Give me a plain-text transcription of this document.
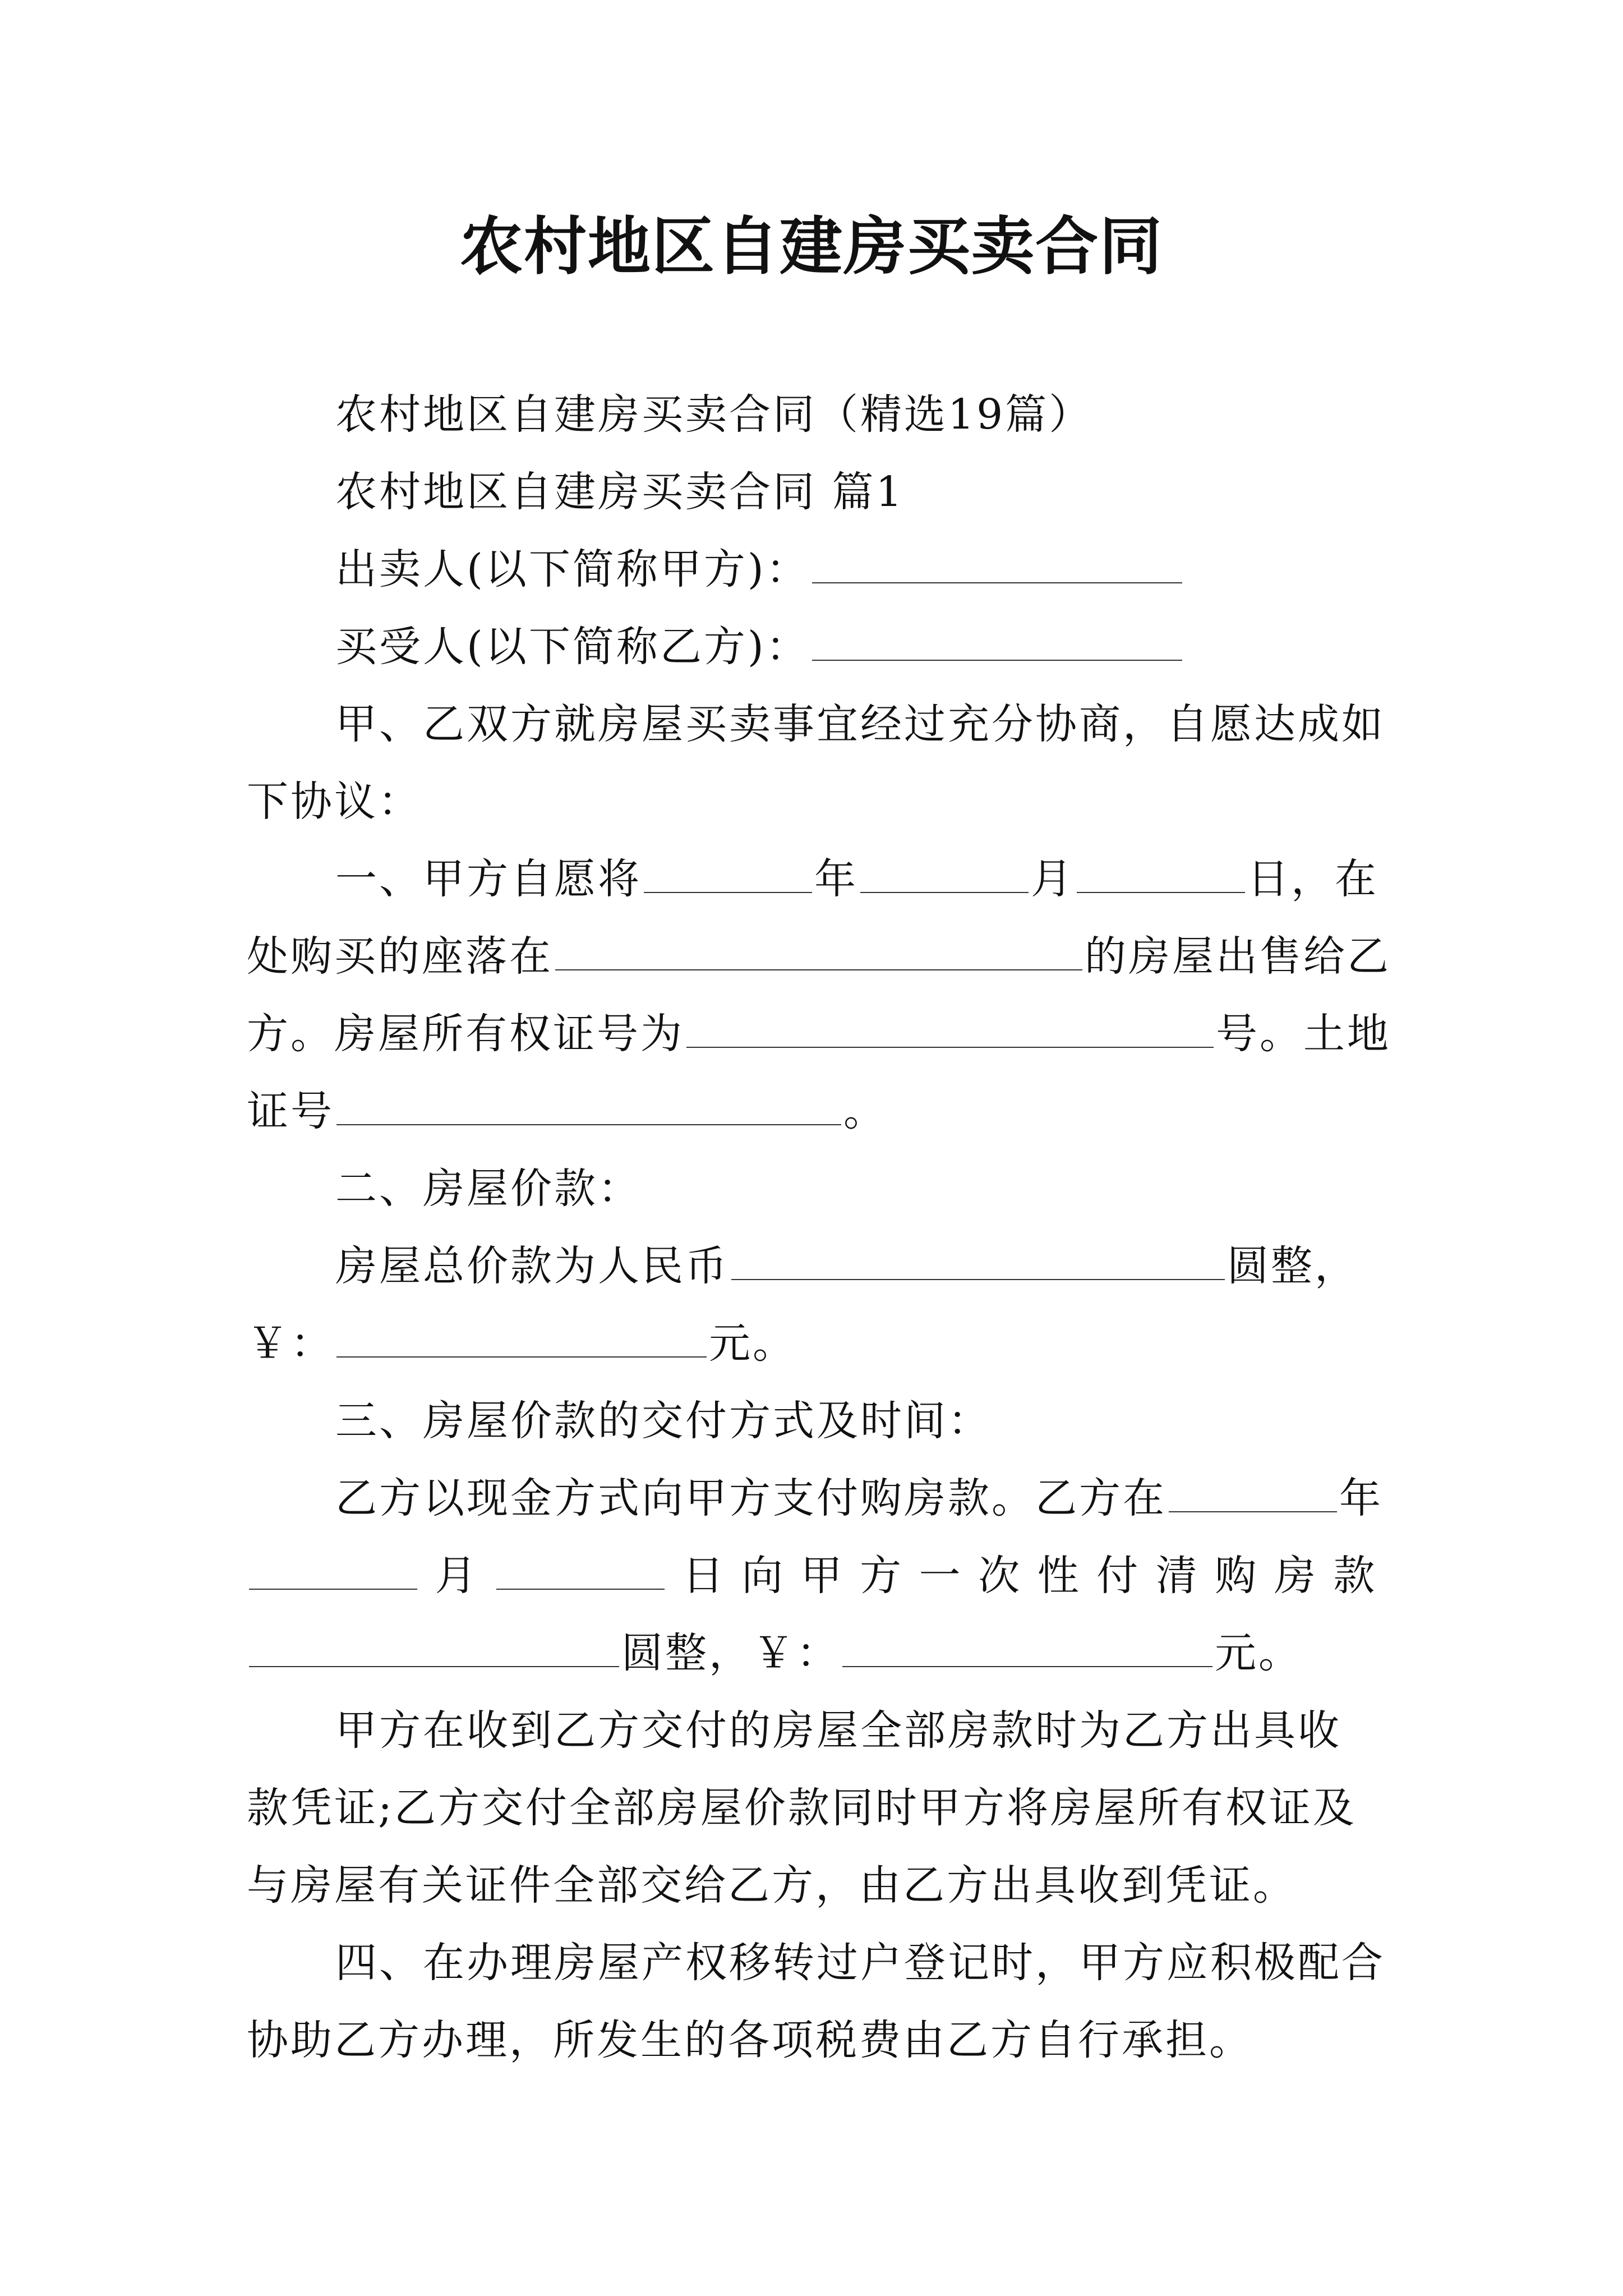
农村地区自建房买卖合同

农村地区自建房买卖合同（精选19篇）

农村地区自建房买卖合同 篇1

出卖人(以下简称甲方)：

买受人(以下简称乙方)：

甲、乙双方就房屋买卖事宜经过充分协商，自愿达成如

下协议：

一、甲方自愿将	年	月	日，在

处购买的座落在	的房屋出售给乙

方。房屋所有权证号为	号。土地

证号	。

二、房屋价款：

房屋总价款为人民币	圆整，

￥：	元。

三、房屋价款的交付方式及时间：

乙方以现金方式向甲方支付购房款。乙方在	年

月	日 向 甲 方 一 次 性 付 清 购 房 款

圆整，￥：	元。

甲方在收到乙方交付的房屋全部房款时为乙方出具收

款凭证;乙方交付全部房屋价款同时甲方将房屋所有权证及

与房屋有关证件全部交给乙方，由乙方出具收到凭证。

四、在办理房屋产权移转过户登记时，甲方应积极配合

协助乙方办理，所发生的各项税费由乙方自行承担。
